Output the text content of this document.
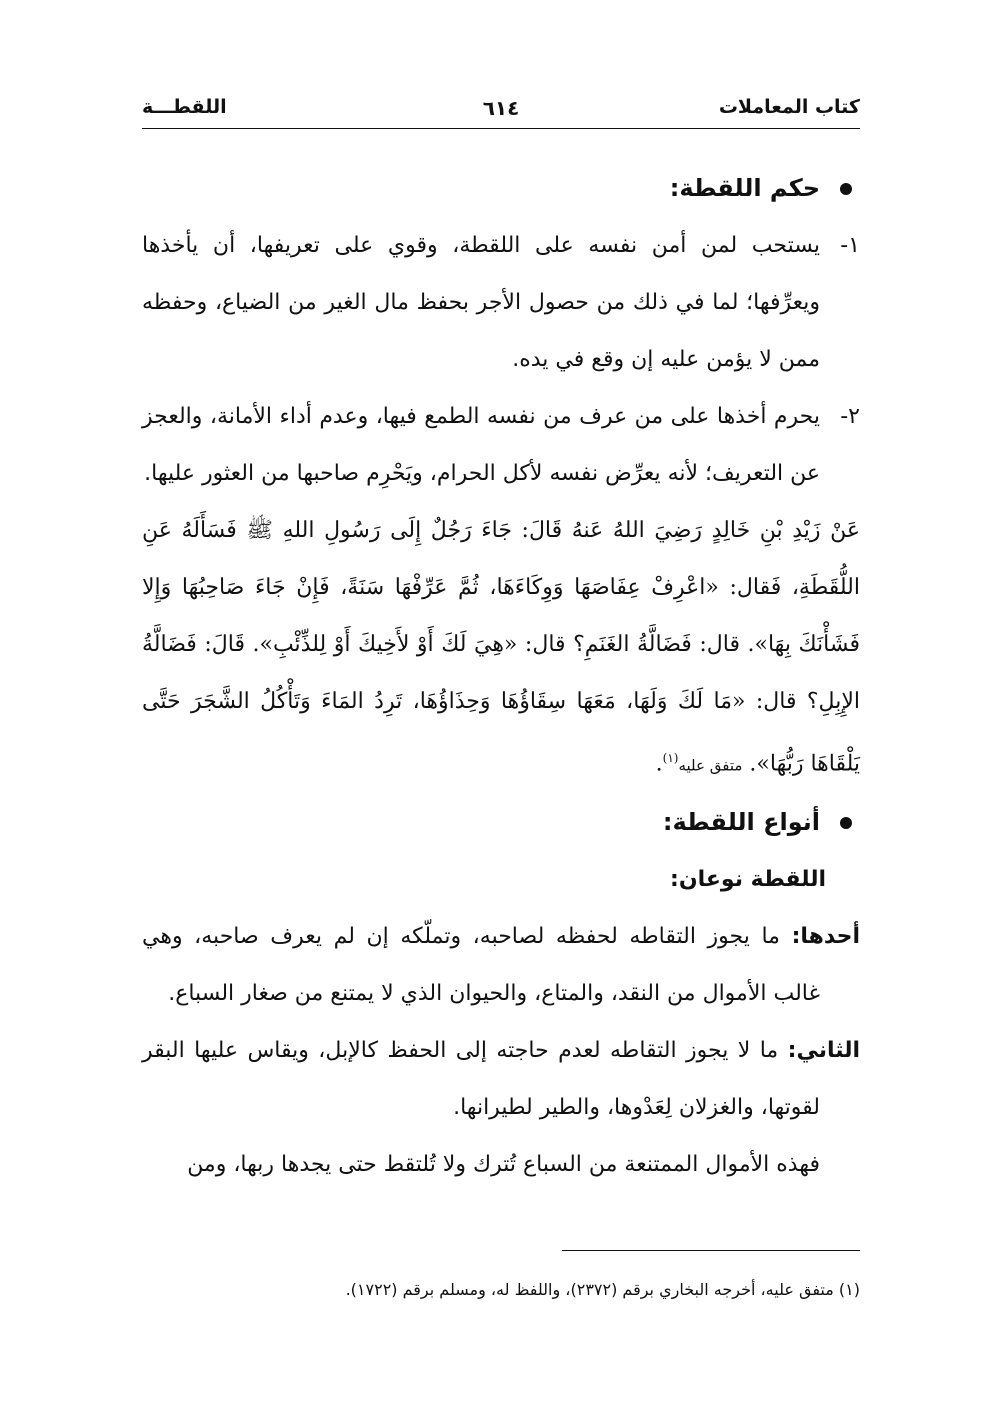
كتاب المعاملات
٦١٤
اللقطـــة

حكم اللقطة:

١-
يستحب لمن أمن نفسه على اللقطة، وقوي على تعريفها، أن يأخذها ويعرِّفها؛ لما في ذلك من حصول الأجر بحفظ مال الغير من الضياع، وحفظه ممن لا يؤمن عليه إن وقع في يده.
٢-
يحرم أخذها على من عرف من نفسه الطمع فيها، وعدم أداء الأمانة، والعجز عن التعريف؛ لأنه يعرِّض نفسه لأكل الحرام، ويَحْرِم صاحبها من العثور عليها.

عَنْ زَيْدِ بْنِ خَالِدٍ رَضِيَ اللهُ عَنهُ قَالَ: جَاءَ رَجُلٌ إِلَى رَسُولِ اللهِ ﷺ فَسَأَلَهُ عَنِ اللُّقَطَةِ، فَقال: «اعْرِفْ عِفَاصَهَا وَوِكَاءَهَا، ثُمَّ عَرِّفْهَا سَنَةً، فَإِنْ جَاءَ صَاحِبُهَا وَإِلا فَشَأْنَكَ بِهَا». قال: فَضَالَّةُ الغَنَمِ؟ قال: «هِيَ لَكَ أَوْ لأَخِيكَ أَوْ لِلذِّئْبِ». قَالَ: فَضَالَّةُ الإِبِلِ؟ قال: «مَا لَكَ وَلَهَا، مَعَهَا سِقَاؤُهَا وَحِذَاؤُهَا، تَرِدُ المَاءَ وَتَأْكُلُ الشَّجَرَ حَتَّى يَلْقَاهَا رَبُّهَا». متفق عليه$^{(١)}$.

أنواع اللقطة:

اللقطة نوعان:

أحدها: ما يجوز التقاطه لحفظه لصاحبه، وتملّكه إن لم يعرف صاحبه، وهي غالب الأموال من النقد، والمتاع، والحيوان الذي لا يمتنع من صغار السباع.

الثاني: ما لا يجوز التقاطه لعدم حاجته إلى الحفظ كالإبل، ويقاس عليها البقر لقوتها، والغزلان لِعَدْوها، والطير لطيرانها.

فهذه الأموال الممتنعة من السباع تُترك ولا تُلتقط حتى يجدها ربها، ومن

(١) متفق عليه، أخرجه البخاري برقم (٢٣٧٢)، واللفظ له، ومسلم برقم (١٧٢٢).
